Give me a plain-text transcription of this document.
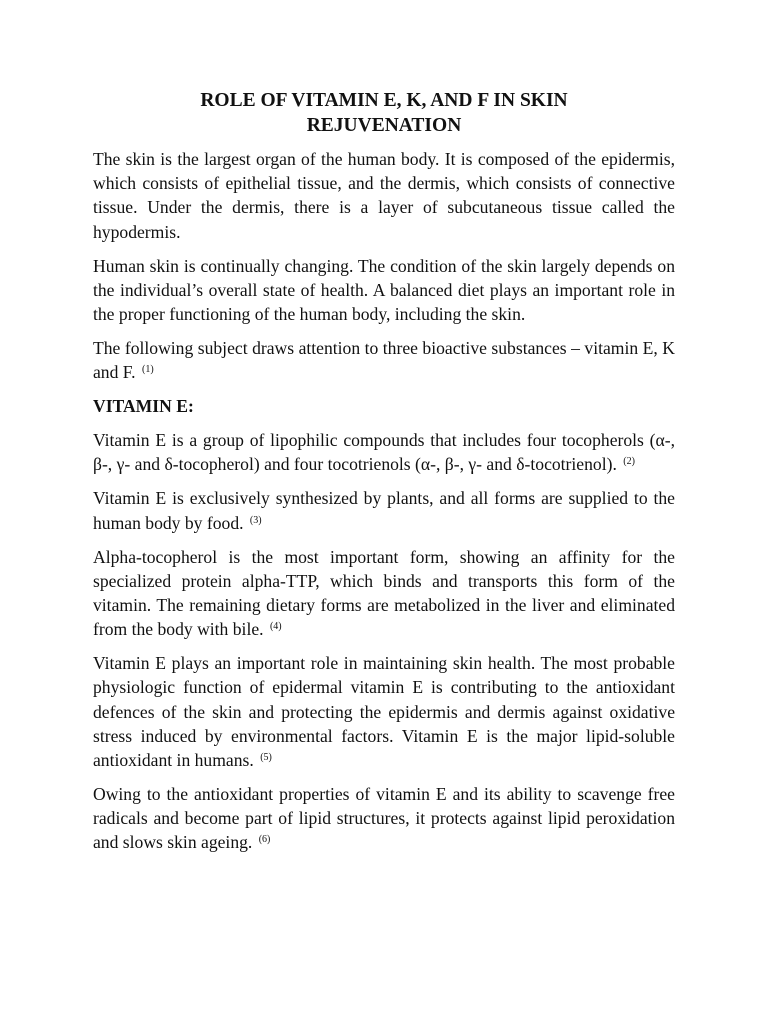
ROLE OF VITAMIN E, K, AND F IN SKIN
REJUVENATION

The skin is the largest organ of the human body. It is composed of the epidermis, which consists of epithelial tissue, and the dermis, which consists of connective tissue. Under the dermis, there is a layer of subcutaneous tissue called the hypodermis.

Human skin is continually changing. The condition of the skin largely depends on the individual’s overall state of health. A balanced diet plays an important role in the proper functioning of the human body, including the skin.

The following subject draws attention to three bioactive substances – vitamin E, K and F. $^{(1)}$

VITAMIN E:

Vitamin E is a group of lipophilic compounds that includes four tocopherols (α-, β-, γ- and δ-tocopherol) and four tocotrienols (α-, β-, γ- and δ-tocotrienol). $^{(2)}$

Vitamin E is exclusively synthesized by plants, and all forms are supplied to the human body by food. $^{(3)}$

Alpha-tocopherol is the most important form, showing an affinity for the specialized protein alpha-TTP, which binds and transports this form of the vitamin. The remaining dietary forms are metabolized in the liver and eliminated from the body with bile. $^{(4)}$

Vitamin E plays an important role in maintaining skin health. The most probable physiologic function of epidermal vitamin E is contributing to the antioxidant defences of the skin and protecting the epidermis and dermis against oxidative stress induced by environmental factors. Vitamin E is the major lipid-soluble antioxidant in humans. $^{(5)}$

Owing to the antioxidant properties of vitamin E and its ability to scavenge free radicals and become part of lipid structures, it protects against lipid peroxidation and slows skin ageing. $^{(6)}$
